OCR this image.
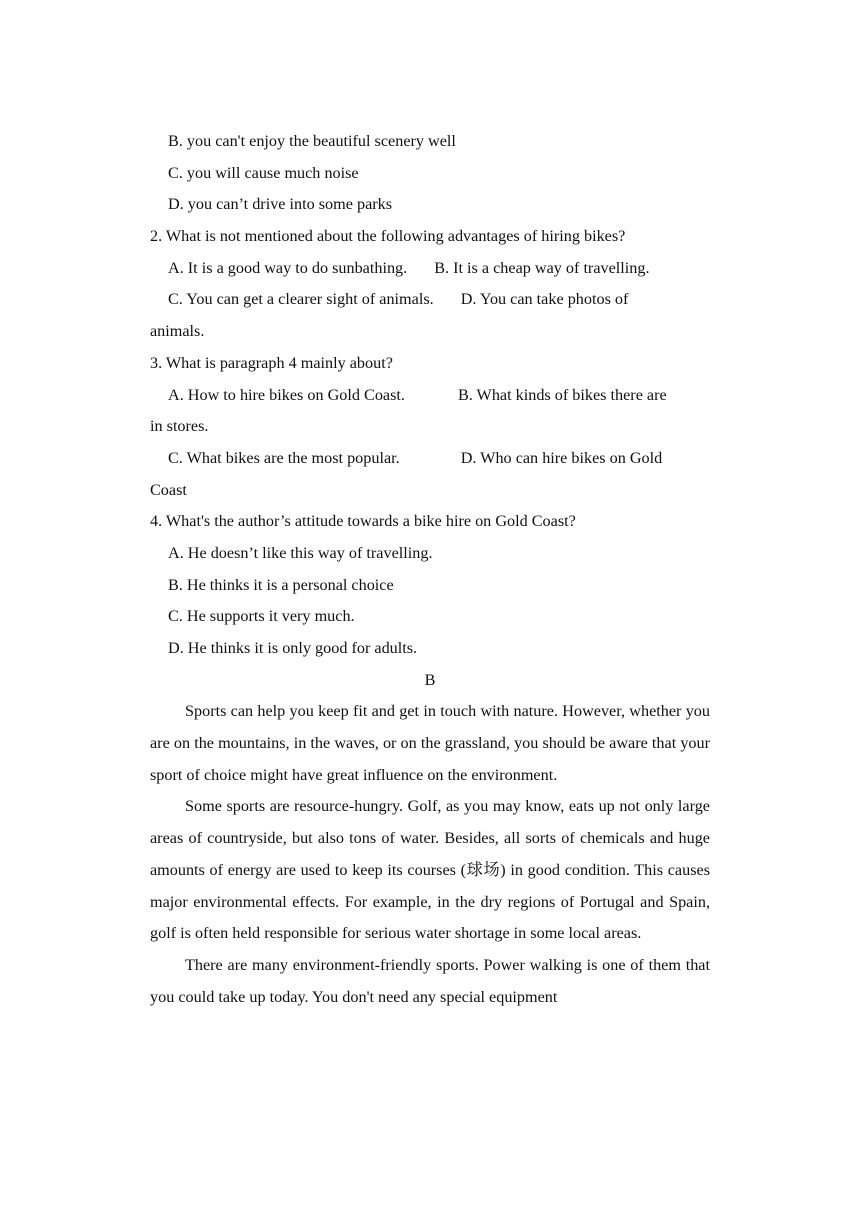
B. you can't enjoy the beautiful scenery well
C. you will cause much noise
D. you can’t drive into some parks
2. What is not mentioned about the following advantages of hiring bikes?
A. It is a good way to do sunbathing. B. It is a cheap way of travelling.
C. You can get a clearer sight of animals. D. You can take photos of
animals.
3. What is paragraph 4 mainly about?
A. How to hire bikes on Gold Coast.	B. What kinds of bikes there are
in stores.
C. What bikes are the most popular.	D. Who can hire bikes on Gold
Coast
4. What's the author’s attitude towards a bike hire on Gold Coast?
A. He doesn’t like this way of travelling.
B. He thinks it is a personal choice
C. He supports it very much.
D. He thinks it is only good for adults.
B

Sports can help you keep fit and get in touch with nature. However, whether you are on the mountains, in the waves, or on the grassland, you should be aware that your sport of choice might have great influence on the environment.

Some sports are resource-hungry. Golf, as you may know, eats up not only large areas of countryside, but also tons of water. Besides, all sorts of chemicals and huge amounts of energy are used to keep its courses (球场) in good condition. This causes major environmental effects. For example, in the dry regions of Portugal and Spain, golf is often held responsible for serious water shortage in some local areas.

There are many environment-friendly sports. Power walking is one of them that you could take up today. You don't need any special equipment
